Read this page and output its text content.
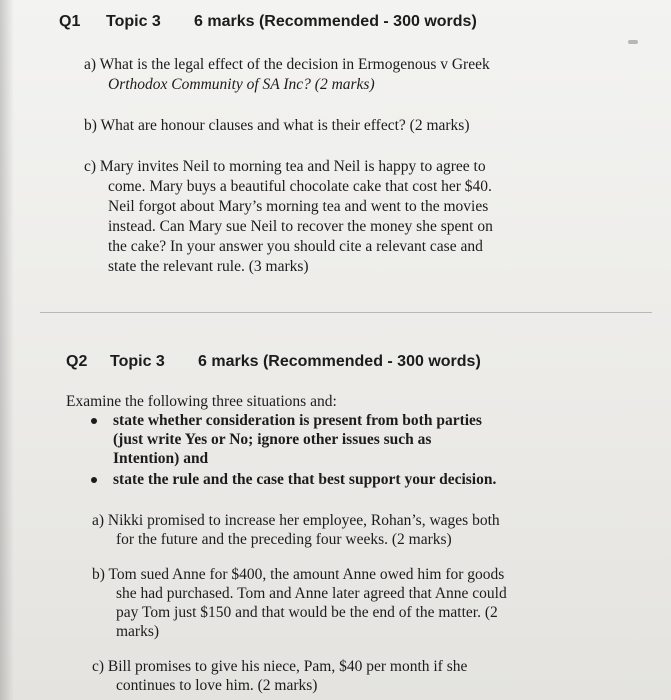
Q1 Topic 3 6 marks (Recommended - 300 words)
a) What is the legal effect of the decision in Ermogenous v Greek
Orthodox Community of SA Inc? (2 marks)
b) What are honour clauses and what is their effect? (2 marks)
c) Mary invites Neil to morning tea and Neil is happy to agree to
come. Mary buys a beautiful chocolate cake that cost her $40.
Neil forgot about Mary’s morning tea and went to the movies
instead. Can Mary sue Neil to recover the money she spent on
the cake? In your answer you should cite a relevant case and
state the relevant rule. (3 marks)
Q2 Topic 3 6 marks (Recommended - 300 words)
Examine the following three situations and:
state whether consideration is present from both parties
(just write Yes or No; ignore other issues such as
Intention) and
state the rule and the case that best support your decision.
a) Nikki promised to increase her employee, Rohan’s, wages both
for the future and the preceding four weeks. (2 marks)
b) Tom sued Anne for $400, the amount Anne owed him for goods
she had purchased. Tom and Anne later agreed that Anne could
pay Tom just $150 and that would be the end of the matter. (2
marks)
c) Bill promises to give his niece, Pam, $40 per month if she
continues to love him. (2 marks)
